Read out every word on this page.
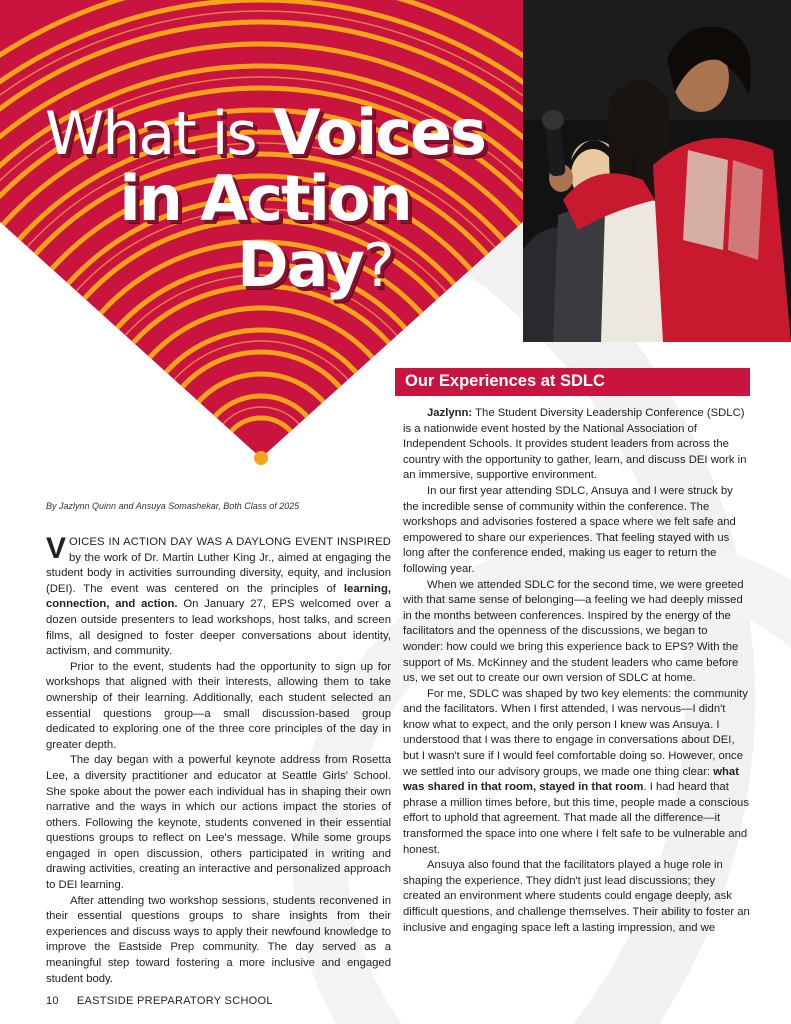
What is Voices
in Action
Day?
By Jazlynn Quinn and Ansuya Somashekar, Both Class of 2025

VOICES IN ACTION DAY WAS A DAYLONG EVENT INSPIRED by the work of Dr. Martin Luther King Jr., aimed at engaging the student body in activities surrounding diversity, equity, and inclusion (DEI). The event was centered on the principles of learning, connection, and action. On January 27, EPS welcomed over a dozen outside presenters to lead workshops, host talks, and screen films, all designed to foster deeper conversations about identity, activism, and community.

Prior to the event, students had the opportunity to sign up for workshops that aligned with their interests, allowing them to take ownership of their learning. Additionally, each student selected an essential questions group—a small discussion-based group dedicated to exploring one of the three core principles of the day in greater depth.

The day began with a powerful keynote address from Rosetta Lee, a diversity practitioner and educator at Seattle Girls' School. She spoke about the power each individual has in shaping their own narrative and the ways in which our actions impact the stories of others. Following the keynote, students convened in their essential questions groups to reflect on Lee's message. While some groups engaged in open discussion, others participated in writing and drawing activities, creating an interactive and personalized approach to DEI learning.

After attending two workshop sessions, students reconvened in their essential questions groups to share insights from their experiences and discuss ways to apply their newfound knowledge to improve the Eastside Prep community. The day served as a meaningful step toward fostering a more inclusive and engaged student body.

Our Experiences at SDLC

Jazlynn: The Student Diversity Leadership Conference (SDLC) is a nationwide event hosted by the National Association of Independent Schools. It provides student leaders from across the country with the opportunity to gather, learn, and discuss DEI work in an immersive, supportive environment.

In our first year attending SDLC, Ansuya and I were struck by the incredible sense of community within the conference. The workshops and advisories fostered a space where we felt safe and empowered to share our experiences. That feeling stayed with us long after the conference ended, making us eager to return the following year.

When we attended SDLC for the second time, we were greeted with that same sense of belonging—a feeling we had deeply missed in the months between conferences. Inspired by the energy of the facilitators and the openness of the discussions, we began to wonder: how could we bring this experience back to EPS? With the support of Ms. McKinney and the student leaders who came before us, we set out to create our own version of SDLC at home.

For me, SDLC was shaped by two key elements: the community and the facilitators. When I first attended, I was nervous—I didn't know what to expect, and the only person I knew was Ansuya. I understood that I was there to engage in conversations about DEI, but I wasn't sure if I would feel comfortable doing so. However, once we settled into our advisory groups, we made one thing clear: what was shared in that room, stayed in that room. I had heard that phrase a million times before, but this time, people made a conscious effort to uphold that agreement. That made all the difference—it transformed the space into one where I felt safe to be vulnerable and honest.

Ansuya also found that the facilitators played a huge role in shaping the experience. They didn't just lead discussions; they created an environment where students could engage deeply, ask difficult questions, and challenge themselves. Their ability to foster an inclusive and engaging space left a lasting impression, and we

10 EASTSIDE PREPARATORY SCHOOL
